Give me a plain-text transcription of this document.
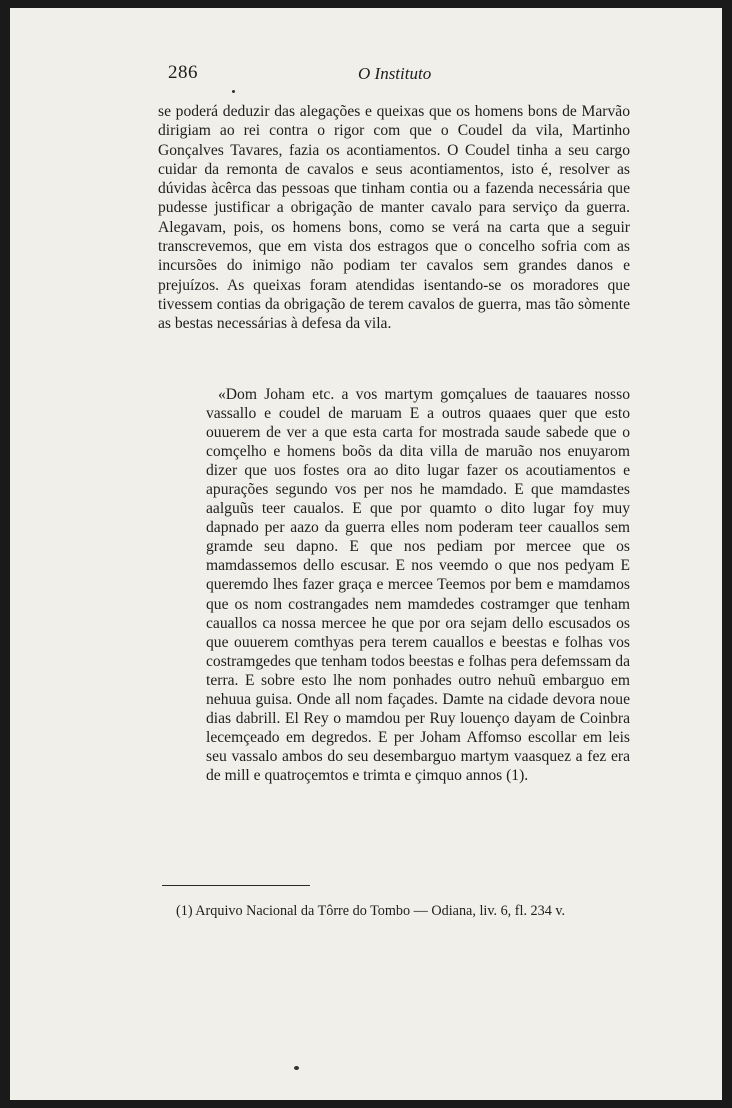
286	O Instituto

se poderá deduzir das alegações e queixas que os homens bons de Marvão dirigiam ao rei contra o rigor com que o Coudel da vila, Martinho Gonçalves Tavares, fazia os acontiamentos. O Coudel tinha a seu cargo cuidar da remonta de cavalos e seus acontiamentos, isto é, resolver as dúvidas àcêrca das pessoas que tinham contia ou a fazenda necessária que pudesse justificar a obrigação de manter cavalo para serviço da guerra. Alegavam, pois, os homens bons, como se verá na carta que a seguir transcrevemos, que em vista dos estragos que o concelho sofria com as incursões do inimigo não podiam ter cavalos sem grandes danos e prejuízos. As queixas foram atendidas isentando-se os moradores que tivessem contias da obrigação de terem cavalos de guerra, mas tão sòmente as bestas necessárias à defesa da vila.

«Dom Joham etc. a vos martym gomçalues de taauares nosso vassallo e coudel de maruam E a outros quaaes quer que esto ouuerem de ver a que esta carta for mostrada saude sabede que o comçelho e homens boõs da dita villa de maruão nos enuyarom dizer que uos fostes ora ao dito lugar fazer os acoutiamentos e apurações segundo vos per nos he mamdado. E que mamdastes aalguũs teer caualos. E que por quamto o dito lugar foy muy dapnado per aazo da guerra elles nom poderam teer cauallos sem gramde seu dapno. E que nos pediam por mercee que os mamdassemos dello escusar. E nos veemdo o que nos pedyam E queremdo lhes fazer graça e mercee Teemos por bem e mamdamos que os nom costrangades nem mamdedes costramger que tenham cauallos ca nossa mercee he que por ora sejam dello escusados os que ouuerem comthyas pera terem cauallos e beestas e folhas vos costramgedes que tenham todos beestas e folhas pera defemssam da terra. E sobre esto lhe nom ponhades outro nehuũ embarguo em nehuua guisa. Onde all nom façades. Damte na cidade devora noue dias dabrill. El Rey o mamdou per Ruy louenço dayam de Coinbra lecemçeado em degredos. E per Joham Affomso escollar em leis seu vassalo ambos do seu desembarguo martym vaasquez a fez era de mill e quatroçemtos e trimta e çimquo annos (1).

(1) Arquivo Nacional da Tôrre do Tombo — Odiana, liv. 6, fl. 234 v.
